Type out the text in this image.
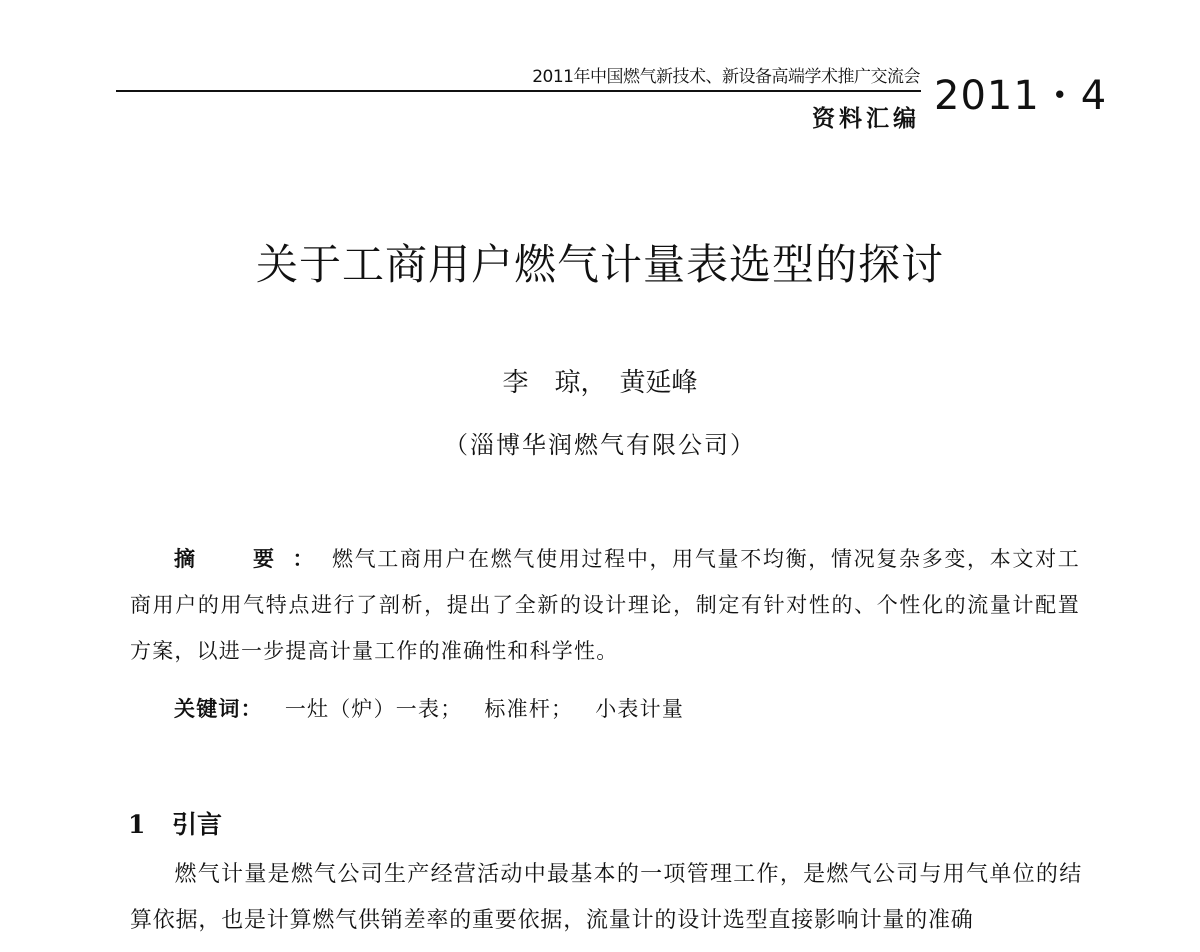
2011年中国燃气新技术、新设备高端学术推广交流会 2011・4
资料汇编
关于工商用户燃气计量表选型的探讨
李　琼，　黄延峰
（淄博华润燃气有限公司）
摘　要：燃气工商用户在燃气使用过程中，用气量不均衡，情况复杂多变，本文对工商用户的用气特点进行了剖析，提出了全新的设计理论，制定有针对性的、个性化的流量计配置方案，以进一步提高计量工作的准确性和科学性。
关键词： 一灶（炉）一表； 标准杆； 小表计量
1 引言
燃气计量是燃气公司生产经营活动中最基本的一项管理工作，是燃气公司与用气单位的结算依据，也是计算燃气供销差率的重要依据，流量计的设计选型直接影响计量的准确
